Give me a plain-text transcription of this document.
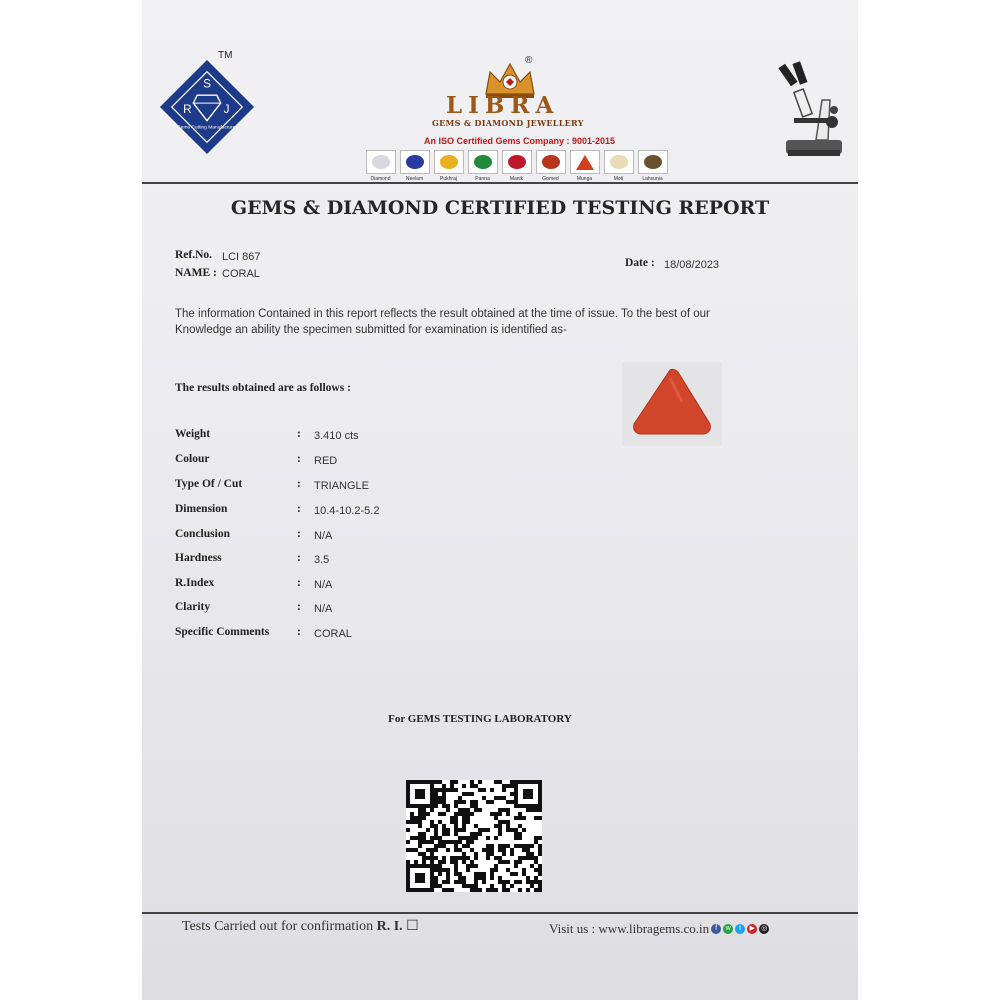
S
R	J
Gems Cutting Manufacturer
TM	®
LIBRA
GEMS & DIAMOND JEWELLERY
An ISO Certified Gems Company : 9001-2015
Diamond	Neelam	Pukhraj	Panna	Manik	Gomed	Munga	Moti	Lahsunia
GEMS & DIAMOND CERTIFIED TESTING REPORT
Ref.No. LCI 867
NAME : CORAL
Date : 18/08/2023
The information Contained in this report reflects the result obtained at the time of issue. To the best of our
Knowledge an ability the specimen submitted for examination is identified as-
The results obtained are as follows :
Weight	: 3.410 cts
Colour	: RED
Type Of / Cut	: TRIANGLE
Dimension	: 10.4-10.2-5.2
Conclusion	: N/A
Hardness	: 3.5
R.Index	: N/A
Clarity	: N/A
Specific Comments	: CORAL
For GEMS TESTING LABORATORY
Tests Carried out for confirmation R. I. ☐	Visit us : www.libragems.co.in f	w	t	▶ ◎
